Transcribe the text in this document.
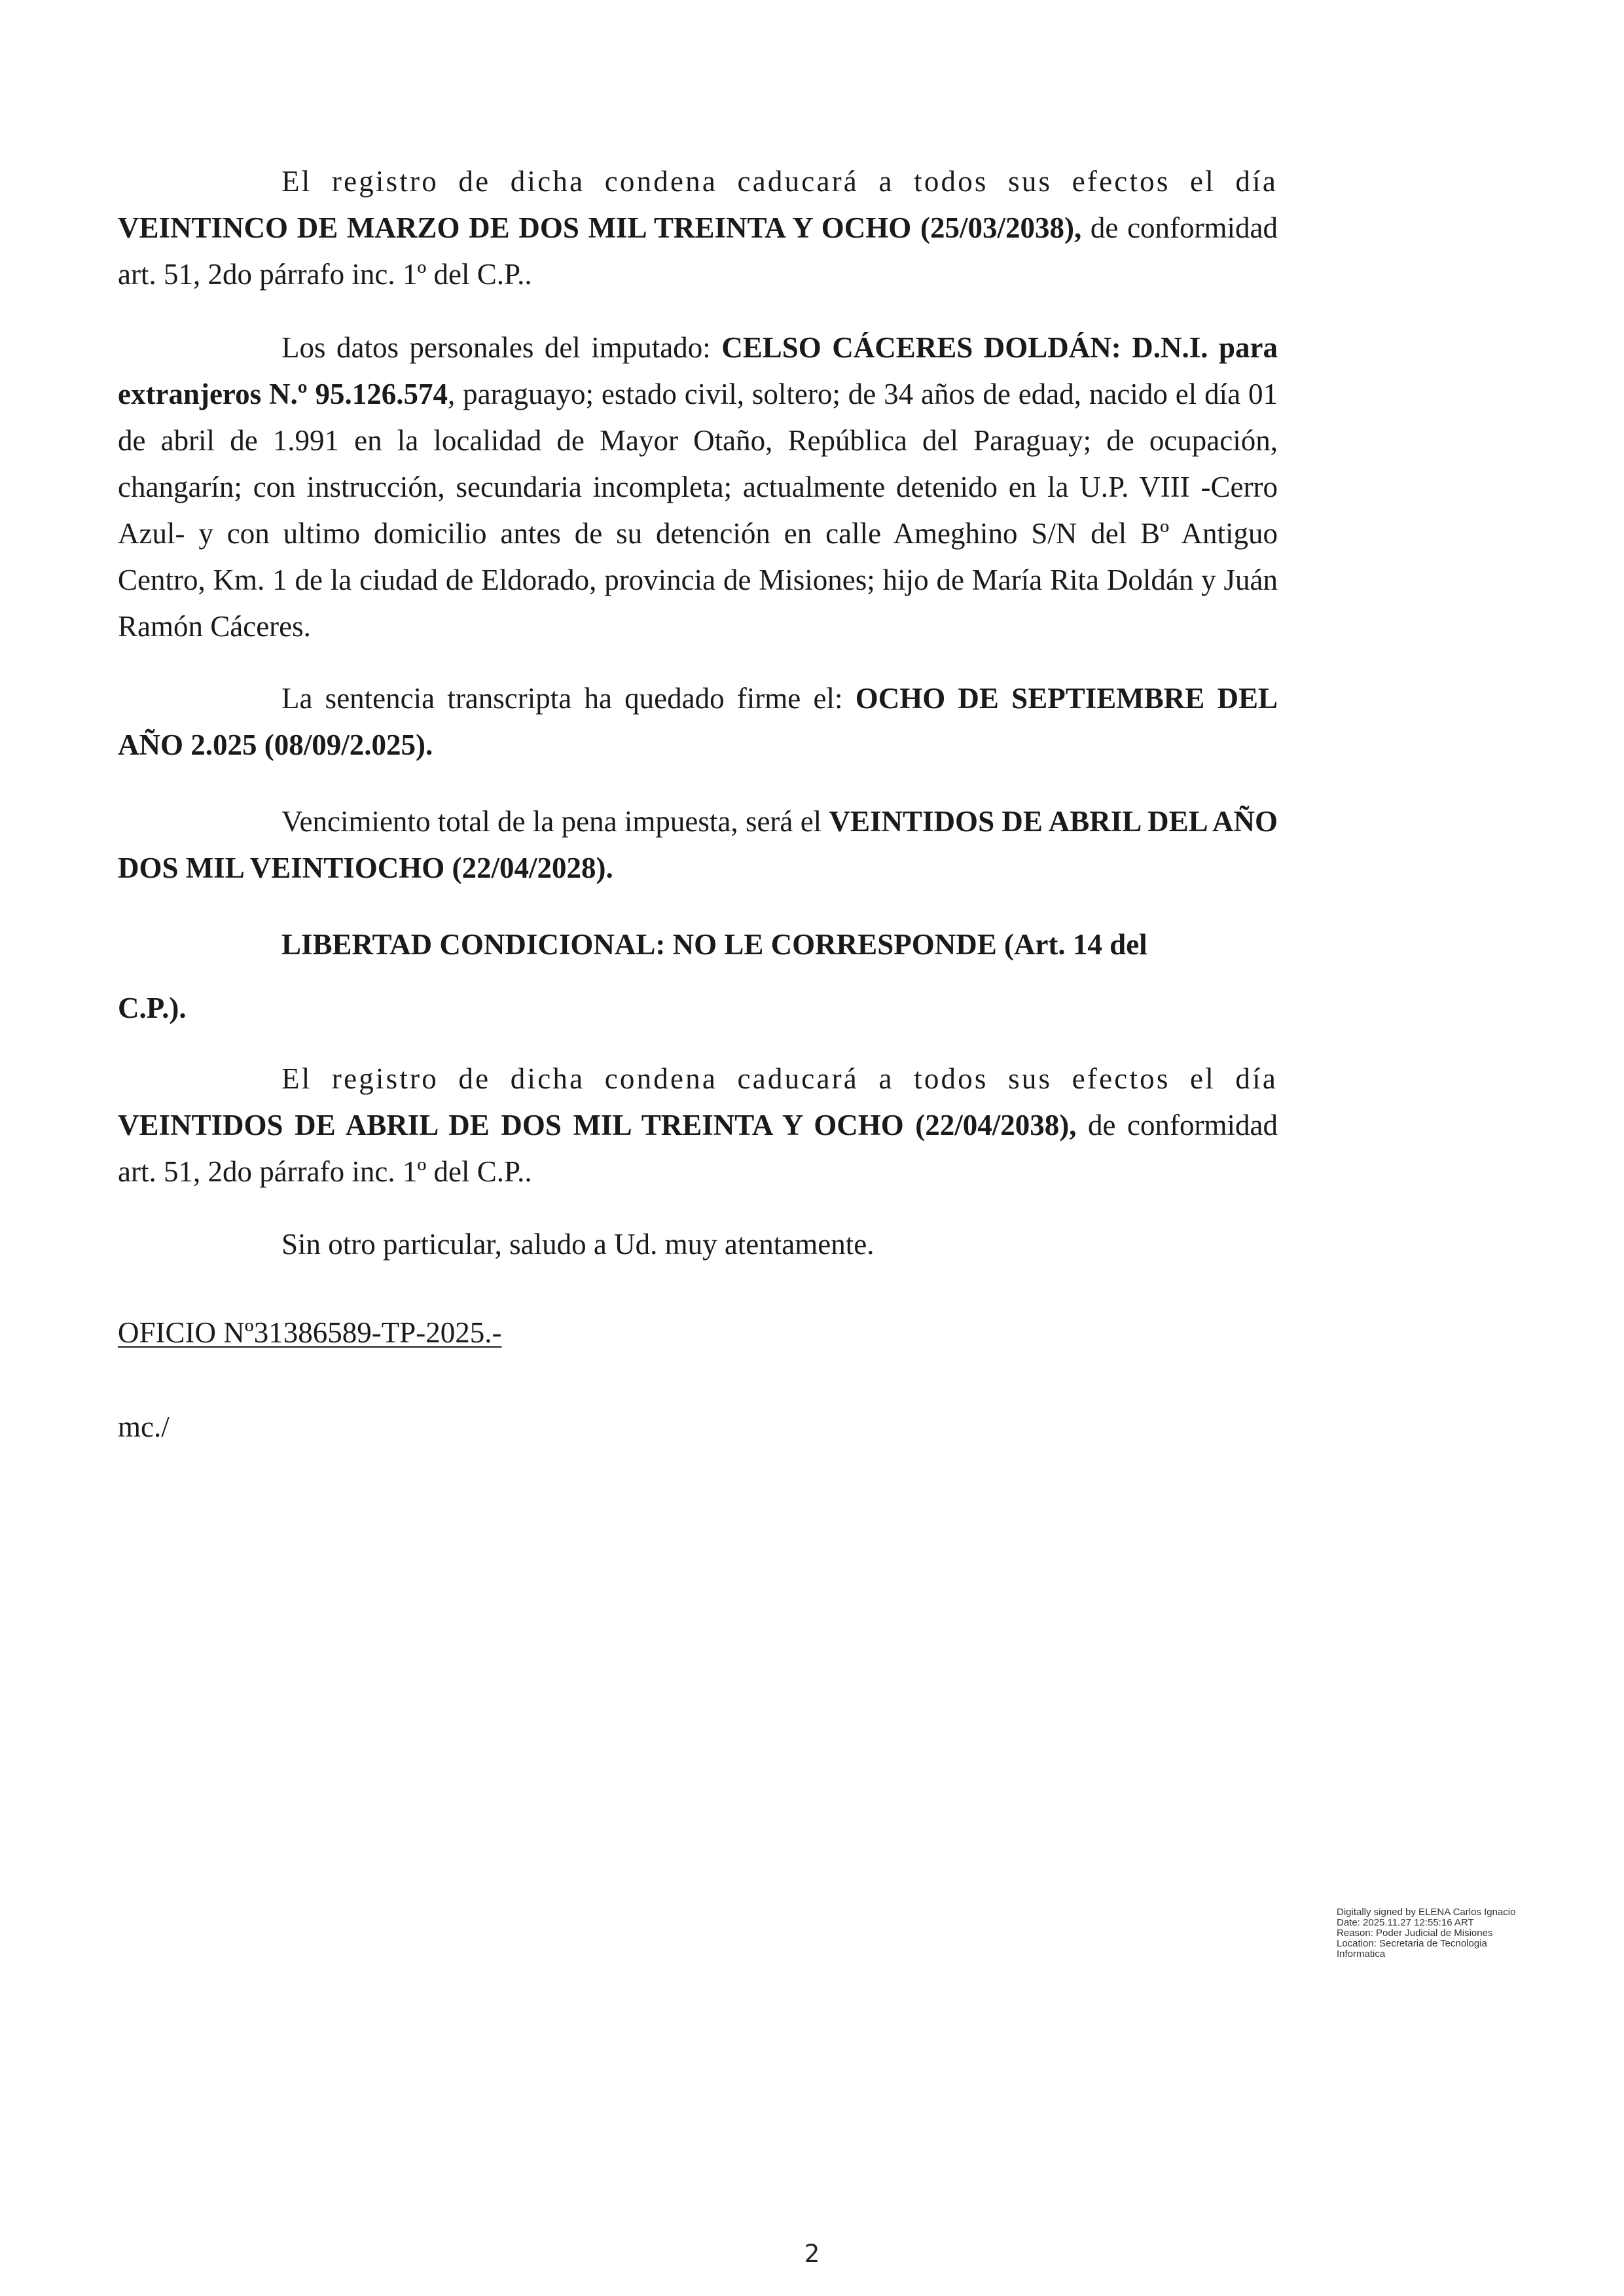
El registro de dicha condena caducará a todos sus efectos el día VEINTINCO DE MARZO DE DOS MIL TREINTA Y OCHO (25/03/2038), de conformidad art. 51, 2do párrafo inc. 1º del C.P..

Los datos personales del imputado: CELSO CÁCERES DOLDÁN: D.N.I. para extranjeros N.º 95.126.574, paraguayo; estado civil, soltero; de 34 años de edad, nacido el día 01 de abril de 1.991 en la localidad de Mayor Otaño, República del Paraguay; de ocupación, changarín; con instrucción, secundaria incompleta; actualmente detenido en la U.P. VIII -Cerro Azul- y con ultimo domicilio antes de su detención en calle Ameghino S/N del Bº Antiguo Centro, Km. 1 de la ciudad de Eldorado, provincia de Misiones; hijo de María Rita Doldán y Juán Ramón Cáceres.

La sentencia transcripta ha quedado firme el: OCHO DE SEPTIEMBRE DEL AÑO 2.025 (08/09/2.025).

Vencimiento total de la pena impuesta, será el VEINTIDOS DE ABRIL DEL AÑO DOS MIL VEINTIOCHO (22/04/2028).

LIBERTAD CONDICIONAL: NO LE CORRESPONDE (Art. 14 del
C.P.).

El registro de dicha condena caducará a todos sus efectos el día VEINTIDOS DE ABRIL DE DOS MIL TREINTA Y OCHO (22/04/2038), de conformidad art. 51, 2do párrafo inc. 1º del C.P..

Sin otro particular, saludo a Ud. muy atentamente.

OFICIO Nº31386589-TP-2025.-
mc./
Digitally signed by ELENA Carlos Ignacio
Date: 2025.11.27 12:55:16 ART
Reason: Poder Judicial de Misiones
Location: Secretaria de Tecnologia
Informatica
2
